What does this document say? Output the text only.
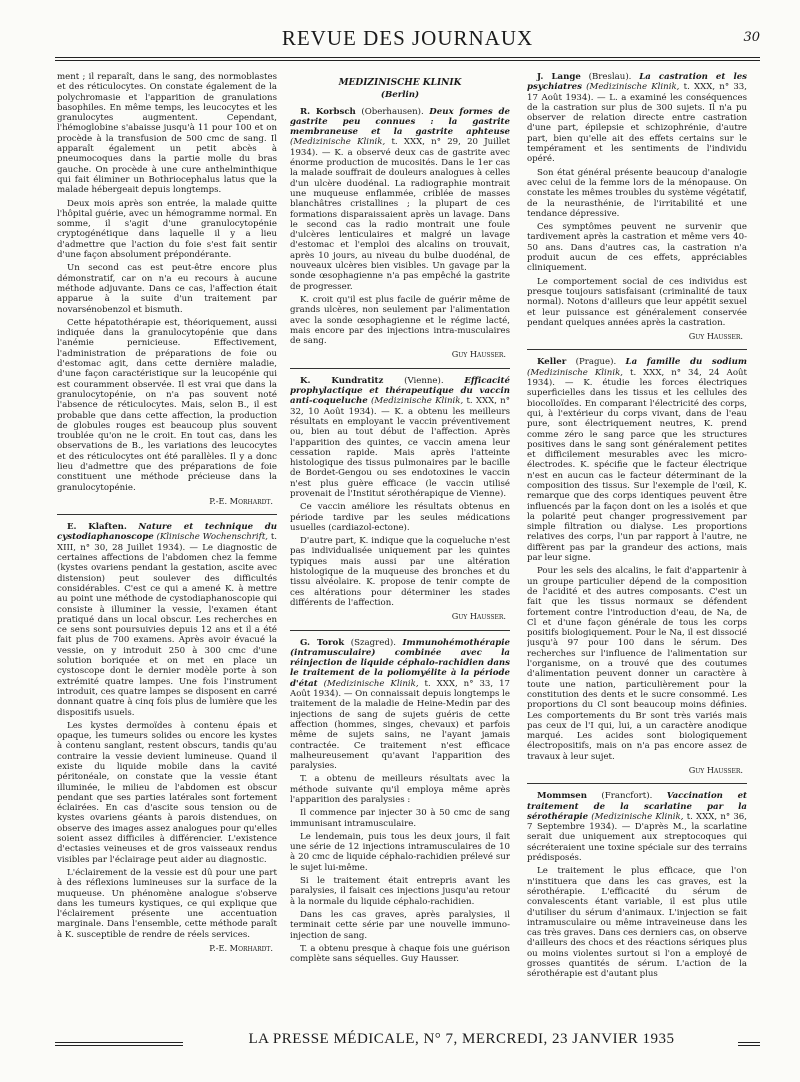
REVUE DES JOURNAUX	30

ment ; il reparaît, dans le sang, des normoblastes et des réticulocytes. On constate également de la polychromasie et l'apparition de granulations basophiles. En même temps, les leucocytes et les granulocytes augmentent. Cependant, l'hémoglobine s'abaisse jusqu'à 11 pour 100 et on procède à la transfusion de 500 cmc de sang. Il apparaît également un petit abcès à pneumocoques dans la partie molle du bras gauche. On procède à une cure anthelminthique qui fait éliminer un Bothriocephalus latus que la malade hébergeait depuis longtemps.

Deux mois après son entrée, la malade quitte l'hôpital guérie, avec un hémogramme normal. En somme, il s'agit d'une granulocytopénie cryptogénétique dans laquelle il y a lieu d'admettre que l'action du foie s'est fait sentir d'une façon absolument prépondérante.

Un second cas est peut-être encore plus démonstratif, car on n'a eu recours à aucune méthode adjuvante. Dans ce cas, l'affection était apparue à la suite d'un traitement par novarsénobenzol et bismuth.

Cette hépatothérapie est, théoriquement, aussi indiquée dans la granulocytopénie que dans l'anémie pernicieuse. Effectivement, l'administration de préparations de foie ou d'estomac agit, dans cette dernière maladie, d'une façon caractéristique sur la leucopénie qui est couramment observée. Il est vrai que dans la granulocytopénie, on n'a pas souvent noté l'absence de réticulocytes. Mais, selon B., il est probable que dans cette affection, la production de globules rouges est beaucoup plus souvent troublée qu'on ne le croit. En tout cas, dans les observations de B., les variations des leucocytes et des réticulocytes ont été parallèles. Il y a donc lieu d'admettre que des préparations de foie constituent une méthode précieuse dans la granulocytopénie.

P.-E. Morhardt.

E. Klaften. Nature et technique du cystodiaphanoscope (Klinische Wochenschrift, t. XIII, n° 30, 28 Juillet 1934). — Le diagnostic de certaines affections de l'abdomen chez la femme (kystes ovariens pendant la gestation, ascite avec distension) peut soulever des difficultés considérables. C'est ce qui a amené K. à mettre au point une méthode de cystodiaphanoscopie qui consiste à illuminer la vessie, l'examen étant pratiqué dans un local obscur. Les recherches en ce sens sont poursuivies depuis 12 ans et il a été fait plus de 700 examens. Après avoir évacué la vessie, on y introduit 250 à 300 cmc d'une solution boriquée et on met en place un cystoscope dont le dernier modèle porte à son extrémité quatre lampes. Une fois l'instrument introduit, ces quatre lampes se disposent en carré donnant quatre à cinq fois plus de lumière que les dispositifs usuels.

Les kystes dermoïdes à contenu épais et opaque, les tumeurs solides ou encore les kystes à contenu sanglant, restent obscurs, tandis qu'au contraire la vessie devient lumineuse. Quand il existe du liquide mobile dans la cavité péritonéale, on constate que la vessie étant illuminée, le milieu de l'abdomen est obscur pendant que ses parties latérales sont fortement éclairées. En cas d'ascite sous tension ou de kystes ovariens géants à parois distendues, on observe des images assez analogues pour qu'elles soient assez difficiles à différencier. L'existence d'ectasies veineuses et de gros vaisseaux rendus visibles par l'éclairage peut aider au diagnostic.

L'éclairement de la vessie est dû pour une part à des réflexions lumineuses sur la surface de la muqueuse. Un phénomène analogue s'observe dans les tumeurs kystiques, ce qui explique que l'éclairement présente une accentuation marginale. Dans l'ensemble, cette méthode paraît à K. susceptible de rendre de réels services.

P.-E. Morhardt.
MEDIZINISCHE KLINIK
(Berlin)

R. Korbsch (Oberhausen). Deux formes de gastrite peu connues : la gastrite membraneuse et la gastrite aphteuse (Medizinische Klinik, t. XXX, n° 29, 20 Juillet 1934). — K. a observé deux cas de gastrite avec énorme production de mucosités. Dans le 1er cas la malade souffrait de douleurs analogues à celles d'un ulcère duodénal. La radiographie montrait une muqueuse enflammée, criblée de masses blanchâtres cristallines ; la plupart de ces formations disparaissaient après un lavage. Dans le second cas la radio montrait une foule d'ulcères lenticulaires et malgré un lavage d'estomac et l'emploi des alcalins on trouvait, après 10 jours, au niveau du bulbe duodénal, de nouveaux ulcères bien visibles. Un gavage par la sonde œsophagienne n'a pas empêché la gastrite de progresser.

K. croit qu'il est plus facile de guérir même de grands ulcères, non seulement par l'alimentation avec la sonde œsophagienne et le régime lacté, mais encore par des injections intra-musculaires de sang.

Guy Hausser.

K. Kundratitz (Vienne). Efficacité prophylactique et thérapeutique du vaccin anti-coqueluche (Medizinische Klinik, t. XXX, n° 32, 10 Août 1934). — K. a obtenu les meilleurs résultats en employant le vaccin préventivement ou, bien au tout début de l'affection. Après l'apparition des quintes, ce vaccin amena leur cessation rapide. Mais après l'atteinte histologique des tissus pulmonaires par le bacille de Bordet-Gengou ou ses endotoxines le vaccin n'est plus guère efficace (le vaccin utilisé provenait de l'Institut sérothérapique de Vienne).

Ce vaccin améliore les résultats obtenus en période tardive par les seules médications usuelles (cardiazol-ectone).

D'autre part, K. indique que la coqueluche n'est pas individualisée uniquement par les quintes typiques mais aussi par une altération histologique de la muqueuse des bronches et du tissu alvéolaire. K. propose de tenir compte de ces altérations pour déterminer les stades différents de l'affection.

Guy Hausser.

G. Torok (Szagred). Immunohémothérapie (intramusculaire) combinée avec la réinjection de liquide céphalo-rachidien dans le traitement de la poliomyélite à la période d'état (Medizinische Klinik, t. XXX, n° 33, 17 Août 1934). — On connaissait depuis longtemps le traitement de la maladie de Heine-Medin par des injections de sang de sujets guéris de cette affection (hommes, singes, chevaux) et parfois même de sujets sains, ne l'ayant jamais contractée. Ce traitement n'est efficace malheureusement qu'avant l'apparition des paralysies.

T. a obtenu de meilleurs résultats avec la méthode suivante qu'il employa même après l'apparition des paralysies :

Il commence par injecter 30 à 50 cmc de sang immunisant intramusculaire.

Le lendemain, puis tous les deux jours, il fait une série de 12 injections intramusculaires de 10 à 20 cmc de liquide céphalo-rachidien prélevé sur le sujet lui-même.

Si le traitement était entrepris avant les paralysies, il faisait ces injections jusqu'au retour à la normale du liquide céphalo-rachidien.

Dans les cas graves, après paralysies, il terminait cette série par une nouvelle immuno-injection de sang.

T. a obtenu presque à chaque fois une guérison complète sans séquelles. Guy Hausser.

J. Lange (Breslau). La castration et les psychiatres (Medizinische Klinik, t. XXX, n° 33, 17 Août 1934). — L. a examiné les conséquences de la castration sur plus de 300 sujets. Il n'a pu observer de relation directe entre castration d'une part, épilepsie et schizophrénie, d'autre part, bien qu'elle ait des effets certains sur le tempérament et les sentiments de l'individu opéré.

Son état général présente beaucoup d'analogie avec celui de la femme lors de la ménopause. On constate les mêmes troubles du système végétatif, de la neurasthénie, de l'irritabilité et une tendance dépressive.

Ces symptômes peuvent ne survenir que tardivement après la castration et même vers 40-50 ans. Dans d'autres cas, la castration n'a produit aucun de ces effets, appréciables cliniquement.

Le comportement social de ces individus est presque toujours satisfaisant (criminalité de taux normal). Notons d'ailleurs que leur appétit sexuel et leur puissance est généralement conservée pendant quelques années après la castration.

Guy Hausser.

Keller (Prague). La famille du sodium (Medizinische Klinik, t. XXX, n° 34, 24 Août 1934). — K. étudie les forces électriques superficielles dans les tissus et les cellules des biocolloïdes. En comparant l'électricité des corps, qui, à l'extérieur du corps vivant, dans de l'eau pure, sont électriquement neutres, K. prend comme zéro le sang parce que les structures positives dans le sang sont généralement petites et difficilement mesurables avec les micro-électrodes. K. spécifie que le facteur électrique n'est en aucun cas le facteur déterminant de la composition des tissus. Sur l'exemple de l'œil, K. remarque que des corps identiques peuvent être influencés par la façon dont on les a isolés et que la polarité peut changer progressivement par simple filtration ou dialyse. Les proportions relatives des corps, l'un par rapport à l'autre, ne diffèrent pas par la grandeur des actions, mais par leur signe.

Pour les sels des alcalins, le fait d'appartenir à un groupe particulier dépend de la composition de l'acidité et des autres composants. C'est un fait que les tissus normaux se défendent fortement contre l'introduction d'eau, de Na, de Cl et d'une façon générale de tous les corps positifs biologiquement. Pour le Na, il est dissocié jusqu'à 97 pour 100 dans le sérum. Des recherches sur l'influence de l'alimentation sur l'organisme, on a trouvé que des coutumes d'alimentation peuvent donner un caractère à toute une nation, particulièrement pour la constitution des dents et le sucre consommé. Les proportions du Cl sont beaucoup moins définies. Les comportements du Br sont très variés mais pas ceux de l'I qui, lui, a un caractère anodique marqué. Les acides sont biologiquement électropositifs, mais on n'a pas encore assez de travaux à leur sujet.

Guy Hausser.

Mommsen (Francfort). Vaccination et traitement de la scarlatine par la sérothérapie (Medizinische Klinik, t. XXX, n° 36, 7 Septembre 1934). — D'après M., la scarlatine serait due uniquement aux streptocoques qui sécréteraient une toxine spéciale sur des terrains prédisposés.

Le traitement le plus efficace, que l'on n'instituera que dans les cas graves, est la sérothérapie. L'efficacité du sérum de convalescents étant variable, il est plus utile d'utiliser du sérum d'animaux. L'injection se fait intramusculaire ou même intraveineuse dans les cas très graves. Dans ces derniers cas, on observe d'ailleurs des chocs et des réactions sériques plus ou moins violentes surtout si l'on a employé de grosses quantités de sérum. L'action de la sérothérapie est d'autant plus

LA PRESSE MÉDICALE, N° 7, MERCREDI, 23 JANVIER 1935
